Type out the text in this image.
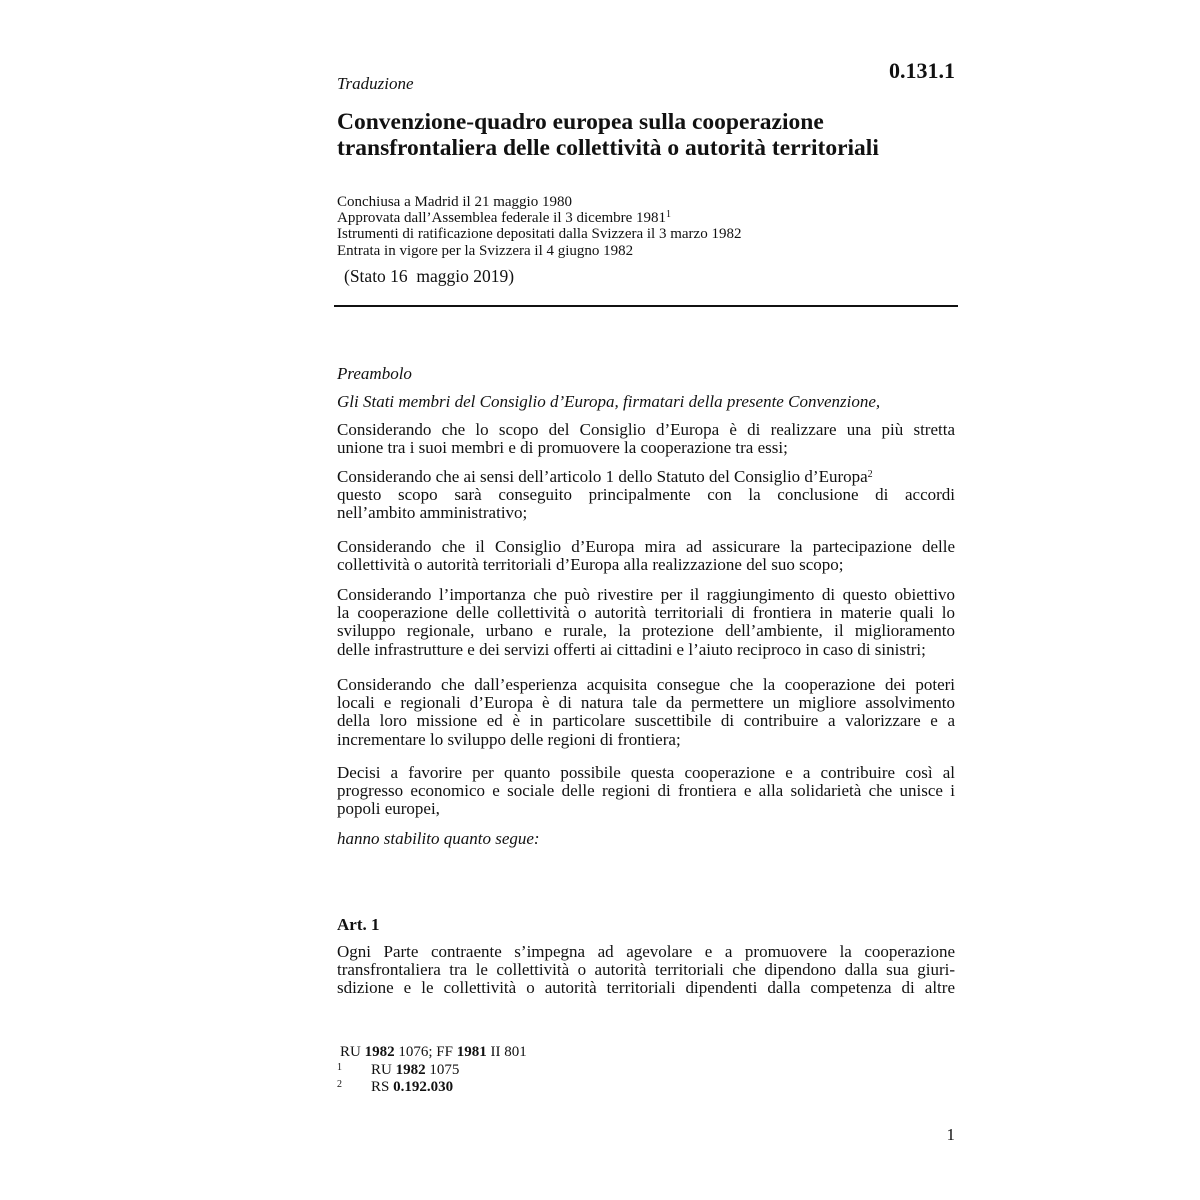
Traduzione
0.131.1
Convenzione-quadro europea sulla cooperazione
transfrontaliera delle collettività o autorità territoriali
Conchiusa a Madrid il 21 maggio 1980
Approvata dall’Assemblea federale il 3 dicembre 1981$^1$
Istrumenti di ratificazione depositati dalla Svizzera il 3 marzo 1982
Entrata in vigore per la Svizzera il 4 giugno 1982
(Stato 16  maggio 2019)
Preambolo
Gli Stati membri del Consiglio d’Europa, firmatari della presente Convenzione,
Considerando che lo scopo del Consiglio d’Europa è di realizzare una più stretta
unione tra i suoi membri e di promuovere la cooperazione tra essi;
Considerando che ai sensi dell’articolo 1 dello Statuto del Consiglio d’Europa$^2$
questo scopo sarà conseguito principalmente con la conclusione di accordi
nell’ambito amministrativo;
Considerando che il Consiglio d’Europa mira ad assicurare la partecipazione delle
collettività o autorità territoriali d’Europa alla realizzazione del suo scopo;
Considerando l’importanza che può rivestire per il raggiungimento di questo obiettivo
la cooperazione delle collettività o autorità territoriali di frontiera in materie quali lo
sviluppo regionale, urbano e rurale, la protezione dell’ambiente, il miglioramento
delle infrastrutture e dei servizi offerti ai cittadini e l’aiuto reciproco in caso di sinistri;
Considerando che dall’esperienza acquisita consegue che la cooperazione dei poteri
locali e regionali d’Europa è di natura tale da permettere un migliore assolvimento
della loro missione ed è in particolare suscettibile di contribuire a valorizzare e a
incrementare lo sviluppo delle regioni di frontiera;
Decisi a favorire per quanto possibile questa cooperazione e a contribuire così al
progresso economico e sociale delle regioni di frontiera e alla solidarietà che unisce i
popoli europei,
hanno stabilito quanto segue:
Art. 1
Ogni Parte contraente s’impegna ad agevolare e a promuovere la cooperazione
transfrontaliera tra le collettività o autorità territoriali che dipendono dalla sua giuri-
sdizione e le collettività o autorità territoriali dipendenti dalla competenza di altre
RU 1982 1076; FF 1981 II 801
1 RU 1982 1075
2 RS 0.192.030
1
